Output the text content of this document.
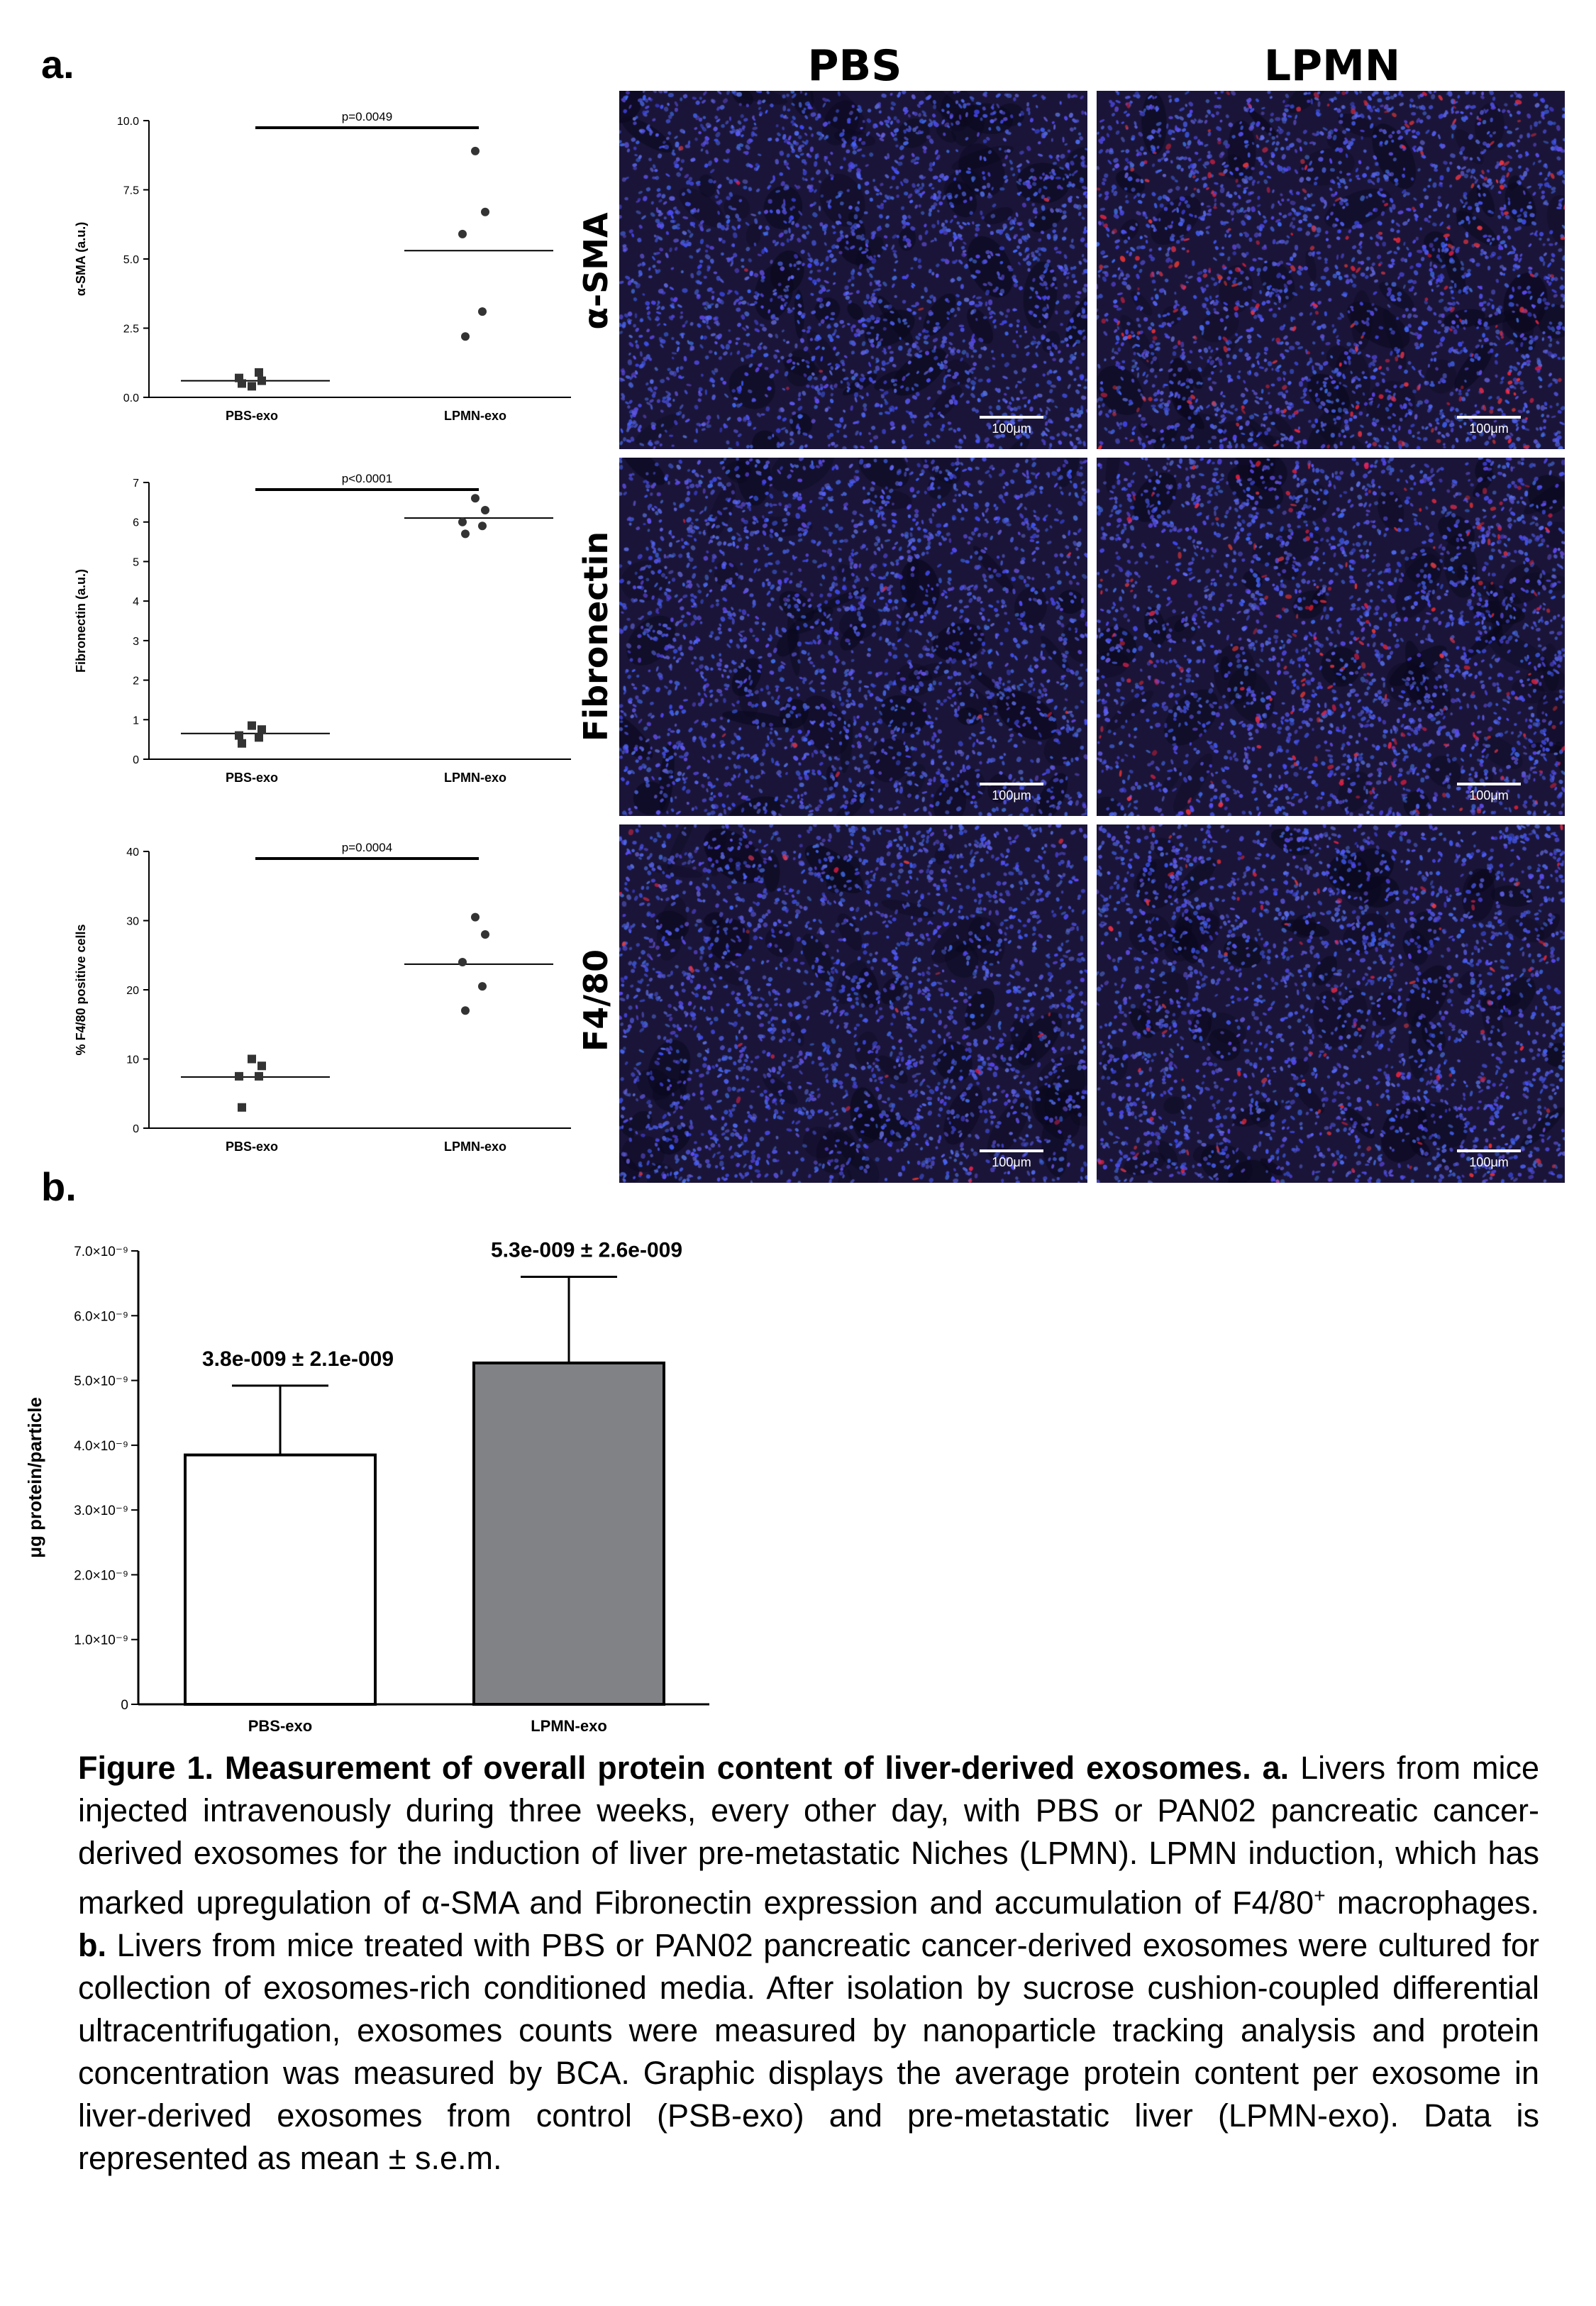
a.
b.
0.0
2.5
5.0
7.5
10.0
PBS-exo	LPMN-exo
α-SMA (a.u.)
p=0.0049
0
1
2
3
4
5
6
7
PBS-exo	LPMN-exo
Fibronectin (a.u.)
p<0.0001
0
10
20
30
40
PBS-exo	LPMN-exo
% F4/80 positive cells
p=0.0004
PBS	LPMN
α-SMA
Fibronectin
F4/80
100μm	100μm
100μm	100μm
100μm	100μm
0
1.0×10⁻⁹
2.0×10⁻⁹
3.0×10⁻⁹
4.0×10⁻⁹
5.0×10⁻⁹
6.0×10⁻⁹
7.0×10⁻⁹
μg protein/particle
3.8e-009 ± 2.1e-009
PBS-exo
5.3e-009 ± 2.6e-009
LPMN-exo
Figure 1. Measurement of overall protein content of liver-derived exosomes. a. Livers from mice injected intravenously during three weeks, every other day, with PBS or PAN02 pancreatic cancer-derived exosomes for the induction of liver pre-metastatic Niches (LPMN). LPMN induction, which has marked upregulation of α-SMA and Fibronectin expression and accumulation of F4/80+ macrophages. b. Livers from mice treated with PBS or PAN02 pancreatic cancer-derived exosomes were cultured for collection of exosomes-rich conditioned media. After isolation by sucrose cushion-coupled differential ultracentrifugation, exosomes counts were measured by nanoparticle tracking analysis and protein concentration was measured by BCA. Graphic displays the average protein content per exosome in liver-derived exosomes from control (PSB-exo) and pre-metastatic liver (LPMN-exo). Data is represented as mean ± s.e.m.
